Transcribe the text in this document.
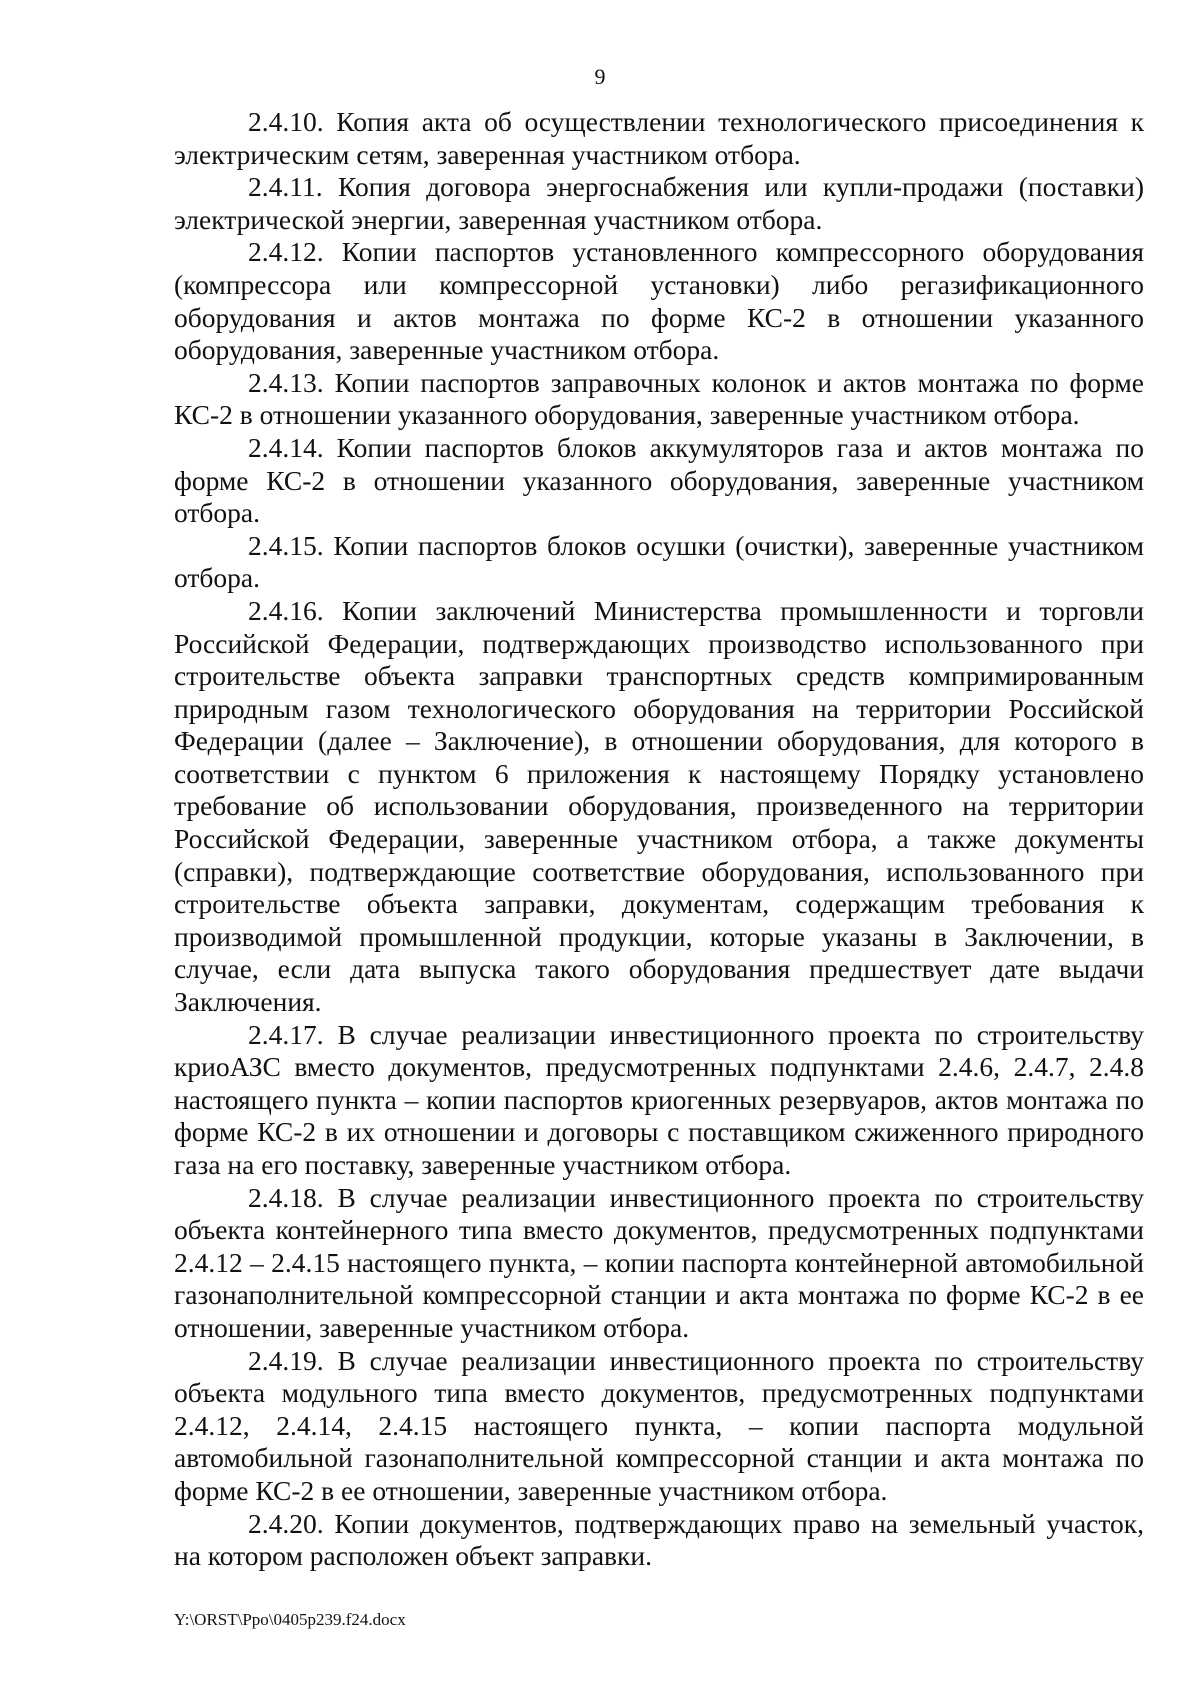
9

2.4.10. Копия акта об осуществлении технологического присоединения к электрическим сетям, заверенная участником отбора.

2.4.11. Копия договора энергоснабжения или купли-продажи (поставки) электрической энергии, заверенная участником отбора.

2.4.12. Копии паспортов установленного компрессорного оборудования (компрессора или компрессорной установки) либо регазификационного оборудования и актов монтажа по форме КС-2 в отношении указанного оборудования, заверенные участником отбора.

2.4.13. Копии паспортов заправочных колонок и актов монтажа по форме КС-2 в отношении указанного оборудования, заверенные участником отбора.

2.4.14. Копии паспортов блоков аккумуляторов газа и актов монтажа по форме КС-2 в отношении указанного оборудования, заверенные участником отбора.

2.4.15. Копии паспортов блоков осушки (очистки), заверенные участником отбора.

2.4.16. Копии заключений Министерства промышленности и торговли Российской Федерации, подтверждающих производство использованного при строительстве объекта заправки транспортных средств компримированным природным газом технологического оборудования на территории Российской Федерации (далее – Заключение), в отношении оборудования, для которого в соответствии с пунктом 6 приложения к настоящему Порядку установлено требование об использовании оборудования, произведенного на территории Российской Федерации, заверенные участником отбора, а также документы (справки), подтверждающие соответствие оборудования, использованного при строительстве объекта заправки, документам, содержащим требования к производимой промышленной продукции, которые указаны в Заключении, в случае, если дата выпуска такого оборудования предшествует дате выдачи Заключения.

2.4.17. В случае реализации инвестиционного проекта по строительству криоАЗС вместо документов, предусмотренных подпунктами 2.4.6, 2.4.7, 2.4.8 настоящего пункта – копии паспортов криогенных резервуаров, актов монтажа по форме КС-2 в их отношении и договоры с поставщиком сжиженного природного газа на его поставку, заверенные участником отбора.

2.4.18. В случае реализации инвестиционного проекта по строительству объекта контейнерного типа вместо документов, предусмотренных подпунктами 2.4.12 – 2.4.15 настоящего пункта, – копии паспорта контейнерной автомобильной газонаполнительной компрессорной станции и акта монтажа по форме КС-2 в ее отношении, заверенные участником отбора.

2.4.19. В случае реализации инвестиционного проекта по строительству объекта модульного типа вместо документов, предусмотренных подпунктами 2.4.12, 2.4.14, 2.4.15 настоящего пункта, – копии паспорта модульной автомобильной газонаполнительной компрессорной станции и акта монтажа по форме КС-2 в ее отношении, заверенные участником отбора.

2.4.20. Копии документов, подтверждающих право на земельный участок, на котором расположен объект заправки.

Y:\ORST\Ppo\0405p239.f24.docx
